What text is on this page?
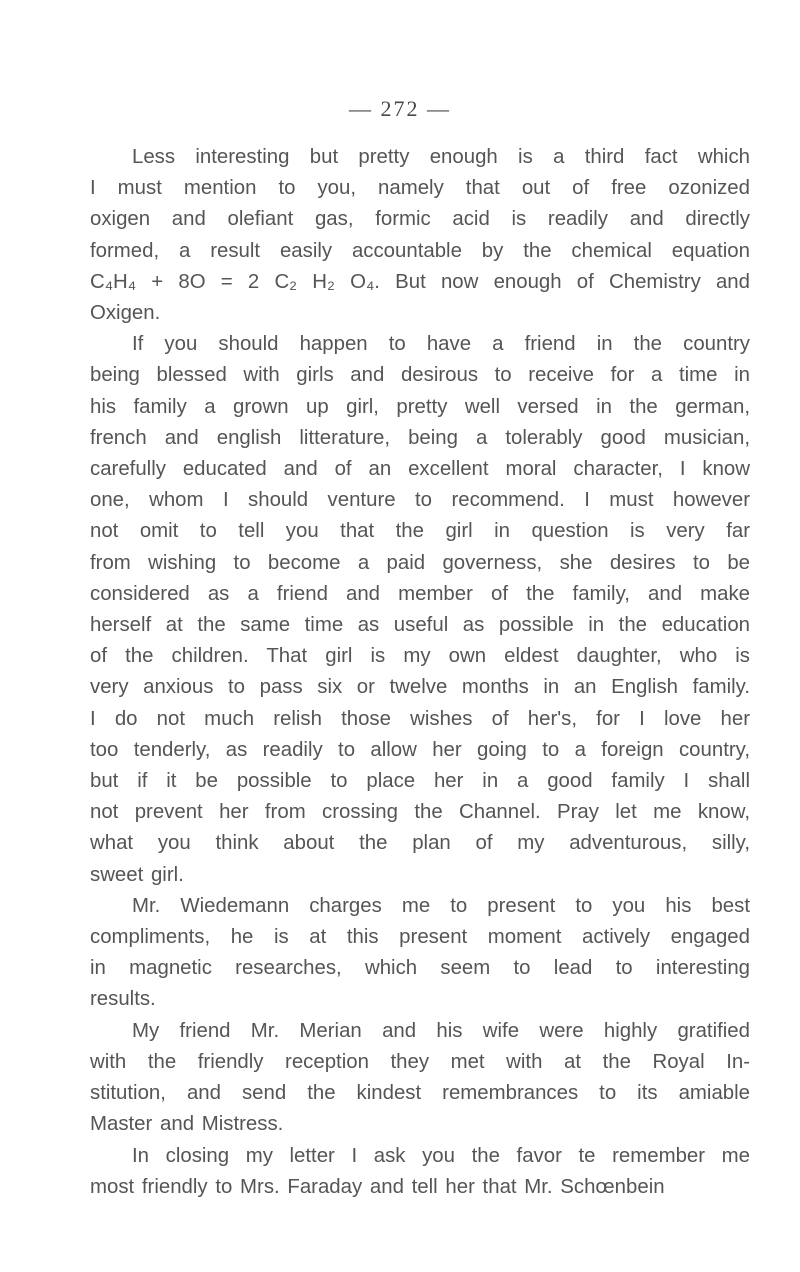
— 272 —
Less interesting but pretty enough is a third fact which
I must mention to you, namely that out of free ozonized
oxigen and olefiant gas, formic acid is readily and directly
formed, a result easily accountable by the chemical equation
C₄H₄ + 8O = 2 C₂ H₂ O₄. But now enough of Chemistry and
Oxigen.
If you should happen to have a friend in the country
being blessed with girls and desirous to receive for a time in
his family a grown up girl, pretty well versed in the german,
french and english litterature, being a tolerably good musician,
carefully educated and of an excellent moral character, I know
one, whom I should venture to recommend. I must however
not omit to tell you that the girl in question is very far
from wishing to become a paid governess, she desires to be
considered as a friend and member of the family, and make
herself at the same time as useful as possible in the education
of the children. That girl is my own eldest daughter, who is
very anxious to pass six or twelve months in an English family.
I do not much relish those wishes of her's, for I love her
too tenderly, as readily to allow her going to a foreign country,
but if it be possible to place her in a good family I shall
not prevent her from crossing the Channel. Pray let me know,
what you think about the plan of my adventurous, silly,
sweet girl.
Mr. Wiedemann charges me to present to you his best
compliments, he is at this present moment actively engaged
in magnetic researches, which seem to lead to interesting
results.
My friend Mr. Merian and his wife were highly gratified
with the friendly reception they met with at the Royal In-
stitution, and send the kindest remembrances to its amiable
Master and Mistress.
In closing my letter I ask you the favor te remember me
most friendly to Mrs. Faraday and tell her that Mr. Schœnbein
